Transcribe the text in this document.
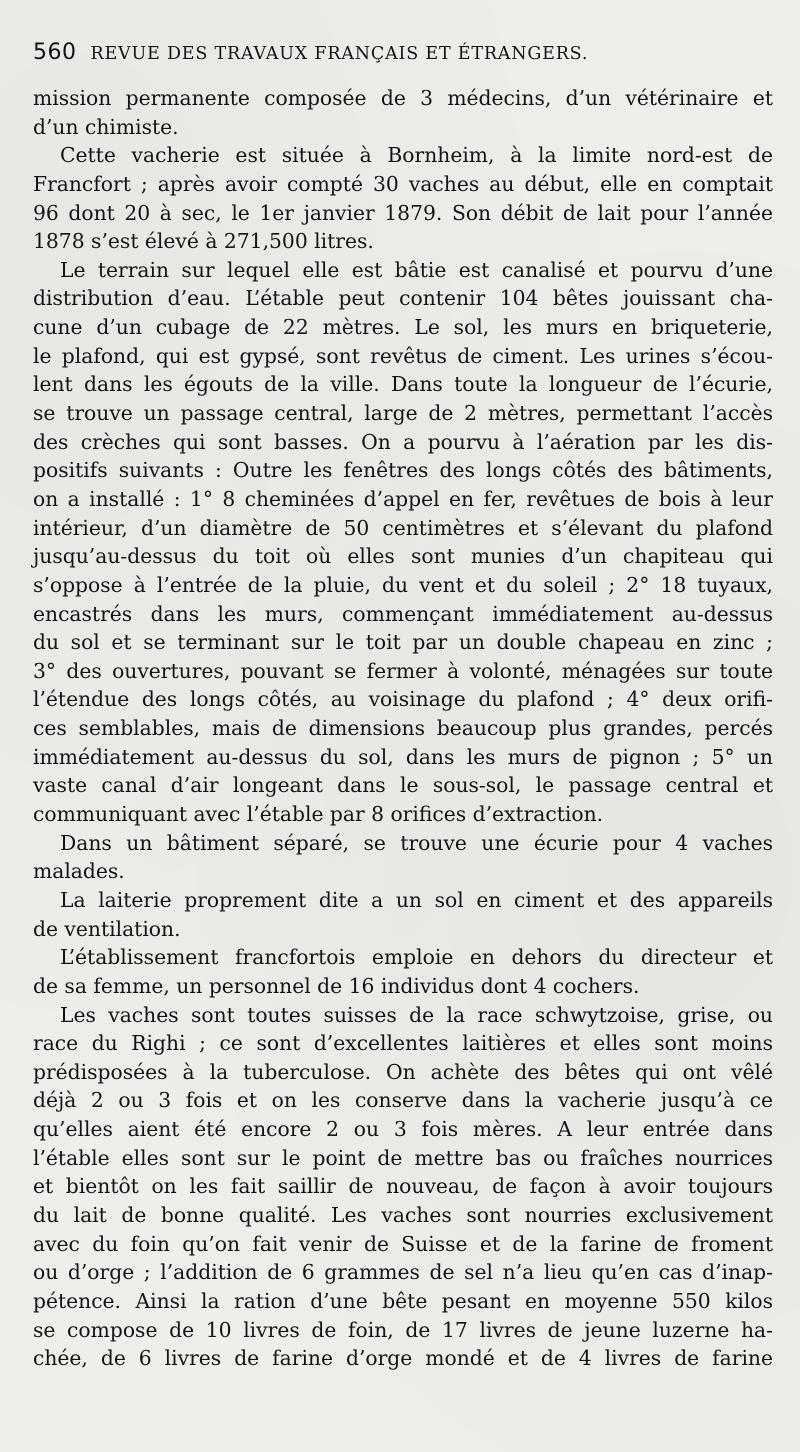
560 REVUE DES TRAVAUX FRANÇAIS ET ÉTRANGERS.
mission permanente composée de 3 médecins, d’un vétérinaire et
d’un chimiste.
Cette vacherie est située à Bornheim, à la limite nord-est de
Francfort ; après avoir compté 30 vaches au début, elle en comptait
96 dont 20 à sec, le 1er janvier 1879. Son débit de lait pour l’année
1878 s’est élevé à 271,500 litres.
Le terrain sur lequel elle est bâtie est canalisé et pourvu d’une
distribution d’eau. L’étable peut contenir 104 bêtes jouissant cha-
cune d’un cubage de 22 mètres. Le sol, les murs en briqueterie,
le plafond, qui est gypsé, sont revêtus de ciment. Les urines s’écou-
lent dans les égouts de la ville. Dans toute la longueur de l’écurie,
se trouve un passage central, large de 2 mètres, permettant l’accès
des crèches qui sont basses. On a pourvu à l’aération par les dis-
positifs suivants : Outre les fenêtres des longs côtés des bâtiments,
on a installé : 1° 8 cheminées d’appel en fer, revêtues de bois à leur
intérieur, d’un diamètre de 50 centimètres et s’élevant du plafond
jusqu’au-dessus du toit où elles sont munies d’un chapiteau qui
s’oppose à l’entrée de la pluie, du vent et du soleil ; 2° 18 tuyaux,
encastrés dans les murs, commençant immédiatement au-dessus
du sol et se terminant sur le toit par un double chapeau en zinc ;
3° des ouvertures, pouvant se fermer à volonté, ménagées sur toute
l’étendue des longs côtés, au voisinage du plafond ; 4° deux orifi-
ces semblables, mais de dimensions beaucoup plus grandes, percés
immédiatement au-dessus du sol, dans les murs de pignon ; 5° un
vaste canal d’air longeant dans le sous-sol, le passage central et
communiquant avec l’étable par 8 orifices d’extraction.
Dans un bâtiment séparé, se trouve une écurie pour 4 vaches
malades.
La laiterie proprement dite a un sol en ciment et des appareils
de ventilation.
L’établissement francfortois emploie en dehors du directeur et
de sa femme, un personnel de 16 individus dont 4 cochers.
Les vaches sont toutes suisses de la race schwytzoise, grise, ou
race du Righi ; ce sont d’excellentes laitières et elles sont moins
prédisposées à la tuberculose. On achète des bêtes qui ont vêlé
déjà 2 ou 3 fois et on les conserve dans la vacherie jusqu’à ce
qu’elles aient été encore 2 ou 3 fois mères. A leur entrée dans
l’étable elles sont sur le point de mettre bas ou fraîches nourrices
et bientôt on les fait saillir de nouveau, de façon à avoir toujours
du lait de bonne qualité. Les vaches sont nourries exclusivement
avec du foin qu’on fait venir de Suisse et de la farine de froment
ou d’orge ; l’addition de 6 grammes de sel n’a lieu qu’en cas d’inap-
pétence. Ainsi la ration d’une bête pesant en moyenne 550 kilos
se compose de 10 livres de foin, de 17 livres de jeune luzerne ha-
chée, de 6 livres de farine d’orge mondé et de 4 livres de farine
